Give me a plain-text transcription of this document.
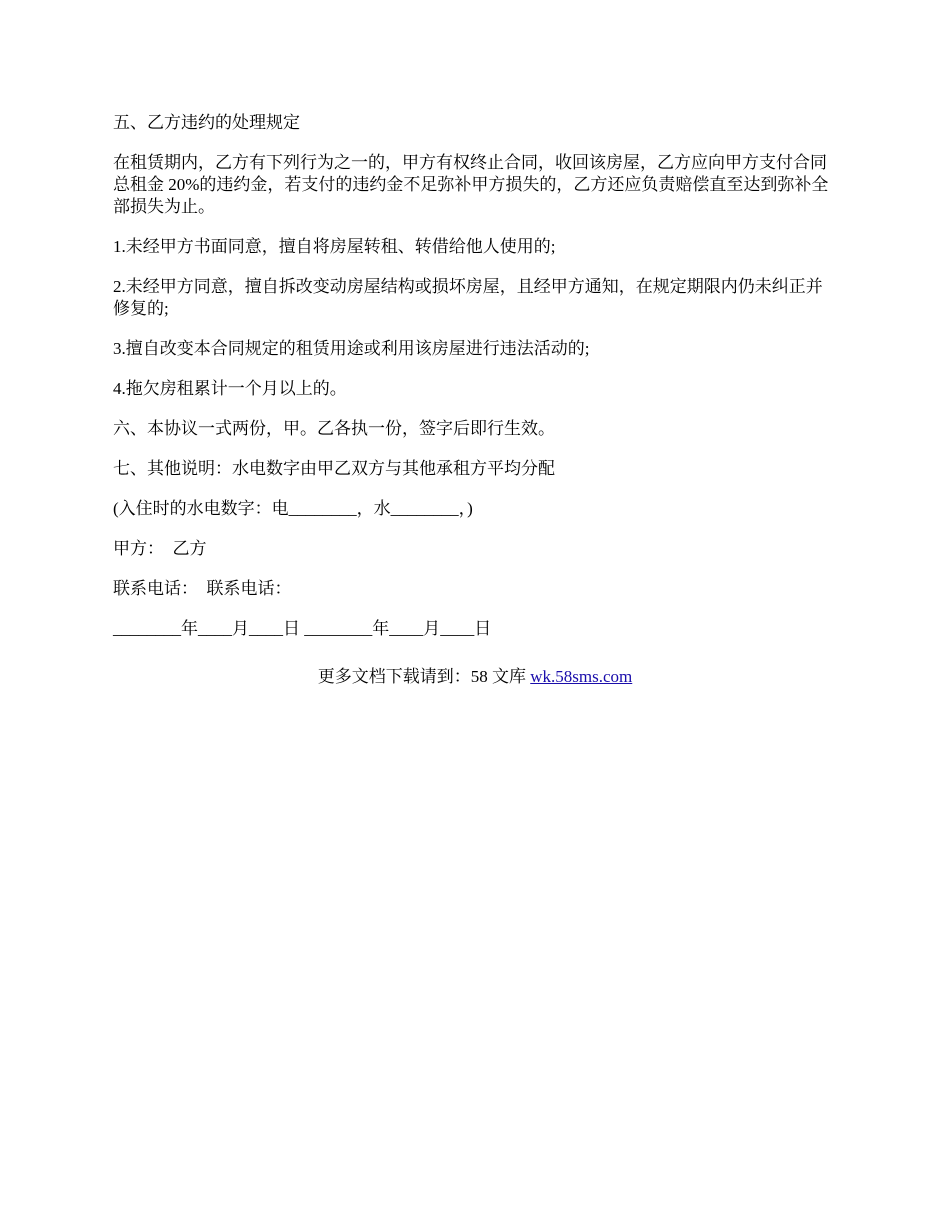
五、乙方违约的处理规定

在租赁期内，乙方有下列行为之一的，甲方有权终止合同，收回该房屋，乙方应向甲方支付合同总租金 20%的违约金，若支付的违约金不足弥补甲方损失的，乙方还应负责赔偿直至达到弥补全部损失为止。

1.未经甲方书面同意，擅自将房屋转租、转借给他人使用的;

2.未经甲方同意，擅自拆改变动房屋结构或损坏房屋，且经甲方通知，在规定期限内仍未纠正并修复的;

3.擅自改变本合同规定的租赁用途或利用该房屋进行违法活动的;

4.拖欠房租累计一个月以上的。

六、本协议一式两份，甲。乙各执一份，签字后即行生效。

七、其他说明：水电数字由甲乙双方与其他承租方平均分配

(入住时的水电数字：电________，水________，)

甲方：  乙方

联系电话：  联系电话：

________年____月____日 ________年____月____日

更多文档下载请到：58 文库 wk.58sms.com
